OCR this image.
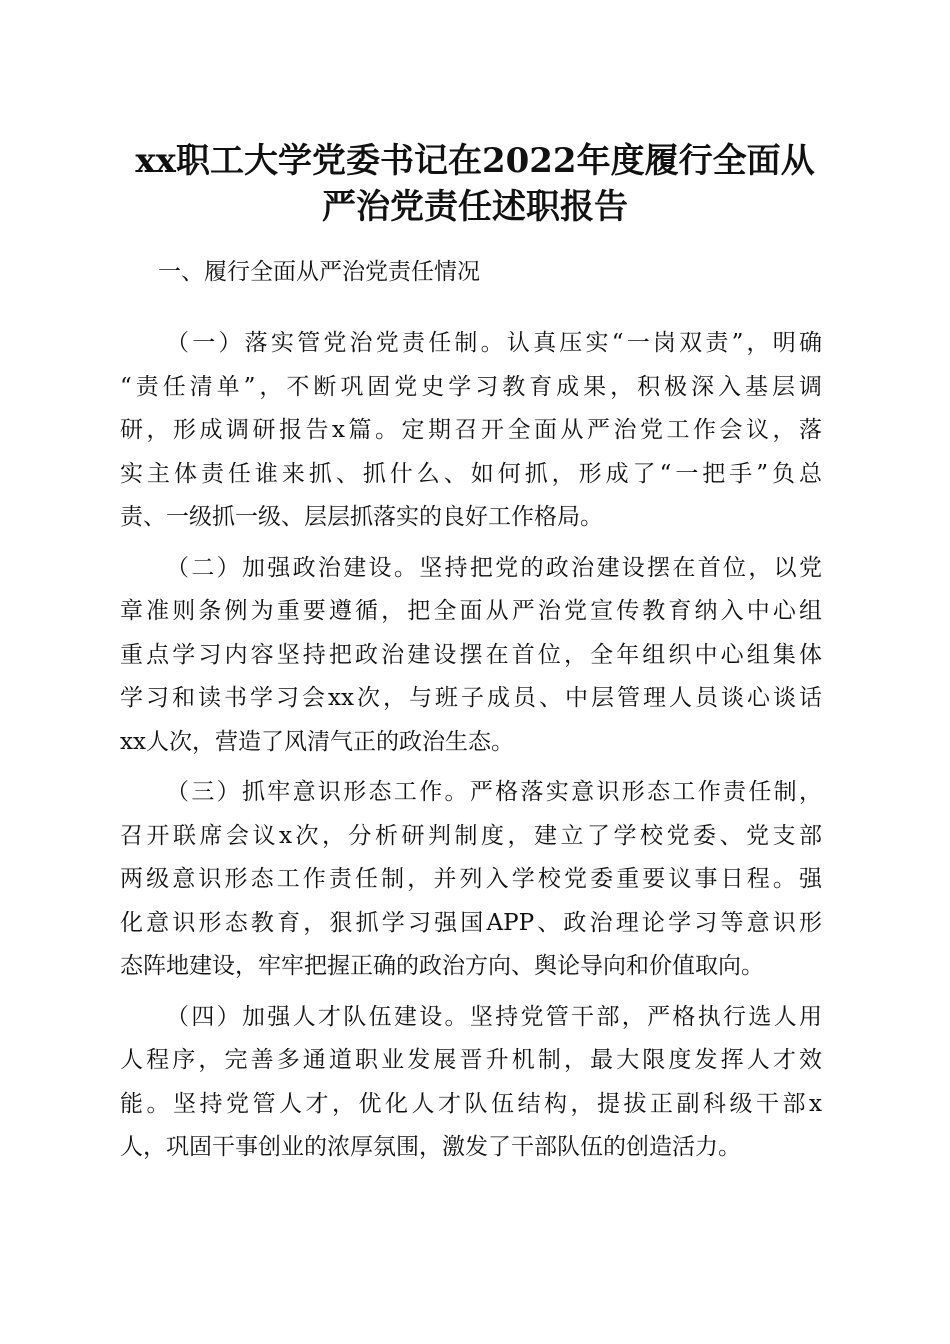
xx职工大学党委书记在2022年度履行全面从
严治党责任述职报告
一、履行全面从严治党责任情况
（一）落实管党治党责任制。认真压实“一岗双责”，明确
“责任清单”，不断巩固党史学习教育成果，积极深入基层调
研，形成调研报告x篇。定期召开全面从严治党工作会议，落
实主体责任谁来抓、抓什么、如何抓，形成了“一把手”负总
责、一级抓一级、层层抓落实的良好工作格局。
（二）加强政治建设。坚持把党的政治建设摆在首位，以党
章准则条例为重要遵循，把全面从严治党宣传教育纳入中心组
重点学习内容坚持把政治建设摆在首位，全年组织中心组集体
学习和读书学习会xx次，与班子成员、中层管理人员谈心谈话
xx人次，营造了风清气正的政治生态。
（三）抓牢意识形态工作。严格落实意识形态工作责任制，
召开联席会议x次，分析研判制度，建立了学校党委、党支部
两级意识形态工作责任制，并列入学校党委重要议事日程。强
化意识形态教育，狠抓学习强国APP、政治理论学习等意识形
态阵地建设，牢牢把握正确的政治方向、舆论导向和价值取向。
（四）加强人才队伍建设。坚持党管干部，严格执行选人用
人程序，完善多通道职业发展晋升机制，最大限度发挥人才效
能。坚持党管人才，优化人才队伍结构，提拔正副科级干部x
人，巩固干事创业的浓厚氛围，激发了干部队伍的创造活力。
